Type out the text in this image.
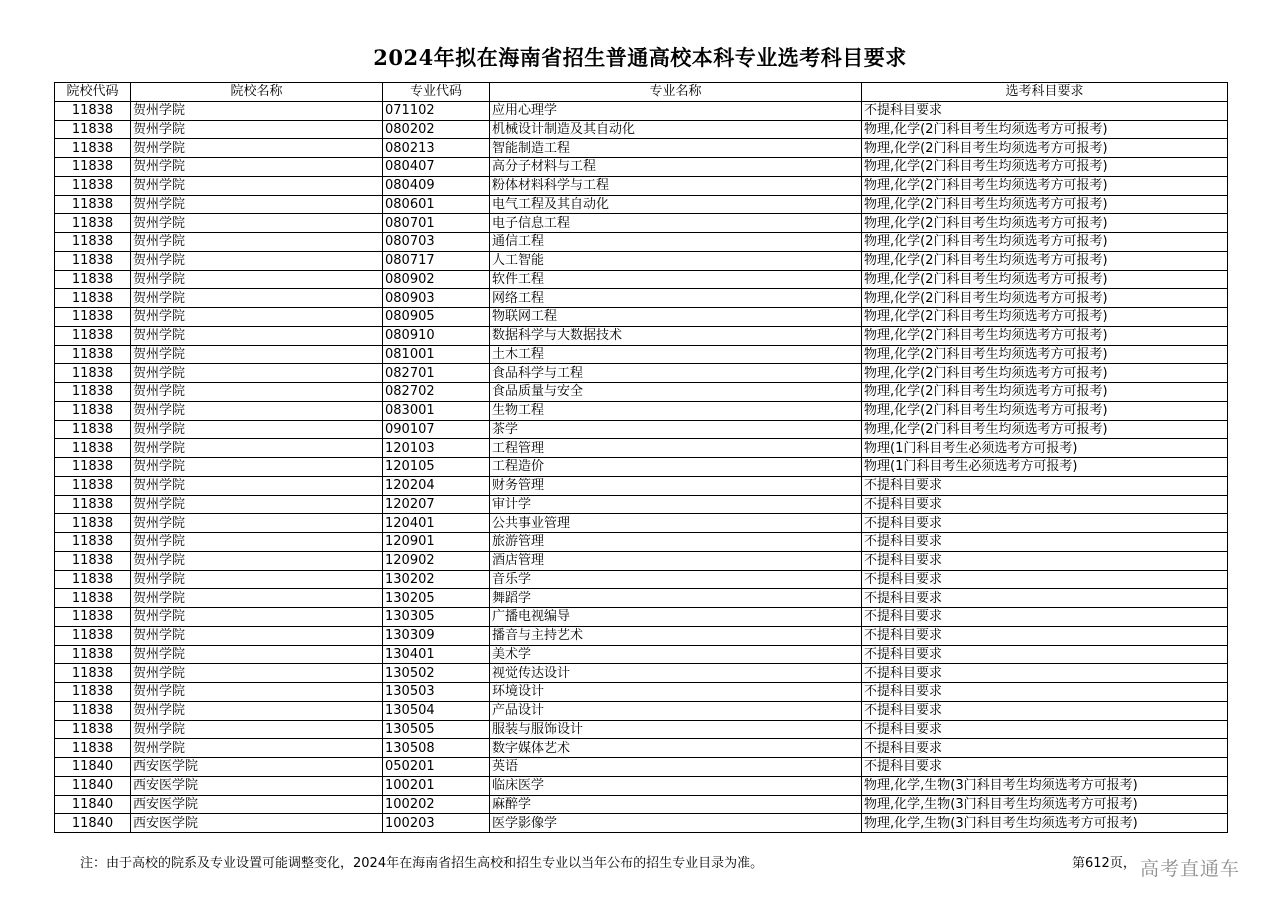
2024年拟在海南省招生普通高校本科专业选考科目要求
院校代码	院校名称	专业代码	专业名称	选考科目要求
11838	贺州学院	071102	应用心理学	不提科目要求
11838	贺州学院	080202	机械设计制造及其自动化	物理,化学(2门科目考生均须选考方可报考)
11838	贺州学院	080213	智能制造工程	物理,化学(2门科目考生均须选考方可报考)
11838	贺州学院	080407	高分子材料与工程	物理,化学(2门科目考生均须选考方可报考)
11838	贺州学院	080409	粉体材料科学与工程	物理,化学(2门科目考生均须选考方可报考)
11838	贺州学院	080601	电气工程及其自动化	物理,化学(2门科目考生均须选考方可报考)
11838	贺州学院	080701	电子信息工程	物理,化学(2门科目考生均须选考方可报考)
11838	贺州学院	080703	通信工程	物理,化学(2门科目考生均须选考方可报考)
11838	贺州学院	080717	人工智能	物理,化学(2门科目考生均须选考方可报考)
11838	贺州学院	080902	软件工程	物理,化学(2门科目考生均须选考方可报考)
11838	贺州学院	080903	网络工程	物理,化学(2门科目考生均须选考方可报考)
11838	贺州学院	080905	物联网工程	物理,化学(2门科目考生均须选考方可报考)
11838	贺州学院	080910	数据科学与大数据技术	物理,化学(2门科目考生均须选考方可报考)
11838	贺州学院	081001	土木工程	物理,化学(2门科目考生均须选考方可报考)
11838	贺州学院	082701	食品科学与工程	物理,化学(2门科目考生均须选考方可报考)
11838	贺州学院	082702	食品质量与安全	物理,化学(2门科目考生均须选考方可报考)
11838	贺州学院	083001	生物工程	物理,化学(2门科目考生均须选考方可报考)
11838	贺州学院	090107	茶学	物理,化学(2门科目考生均须选考方可报考)
11838	贺州学院	120103	工程管理	物理(1门科目考生必须选考方可报考)
11838	贺州学院	120105	工程造价	物理(1门科目考生必须选考方可报考)
11838	贺州学院	120204	财务管理	不提科目要求
11838	贺州学院	120207	审计学	不提科目要求
11838	贺州学院	120401	公共事业管理	不提科目要求
11838	贺州学院	120901	旅游管理	不提科目要求
11838	贺州学院	120902	酒店管理	不提科目要求
11838	贺州学院	130202	音乐学	不提科目要求
11838	贺州学院	130205	舞蹈学	不提科目要求
11838	贺州学院	130305	广播电视编导	不提科目要求
11838	贺州学院	130309	播音与主持艺术	不提科目要求
11838	贺州学院	130401	美术学	不提科目要求
11838	贺州学院	130502	视觉传达设计	不提科目要求
11838	贺州学院	130503	环境设计	不提科目要求
11838	贺州学院	130504	产品设计	不提科目要求
11838	贺州学院	130505	服装与服饰设计	不提科目要求
11838	贺州学院	130508	数字媒体艺术	不提科目要求
11840	西安医学院	050201	英语	不提科目要求
11840	西安医学院	100201	临床医学	物理,化学,生物(3门科目考生均须选考方可报考)
11840	西安医学院	100202	麻醉学	物理,化学,生物(3门科目考生均须选考方可报考)
11840	西安医学院	100203	医学影像学	物理,化学,生物(3门科目考生均须选考方可报考)
注：由于高校的院系及专业设置可能调整变化，2024年在海南省招生高校和招生专业以当年公布的招生专业目录为准。	第612页， 高考直通车
